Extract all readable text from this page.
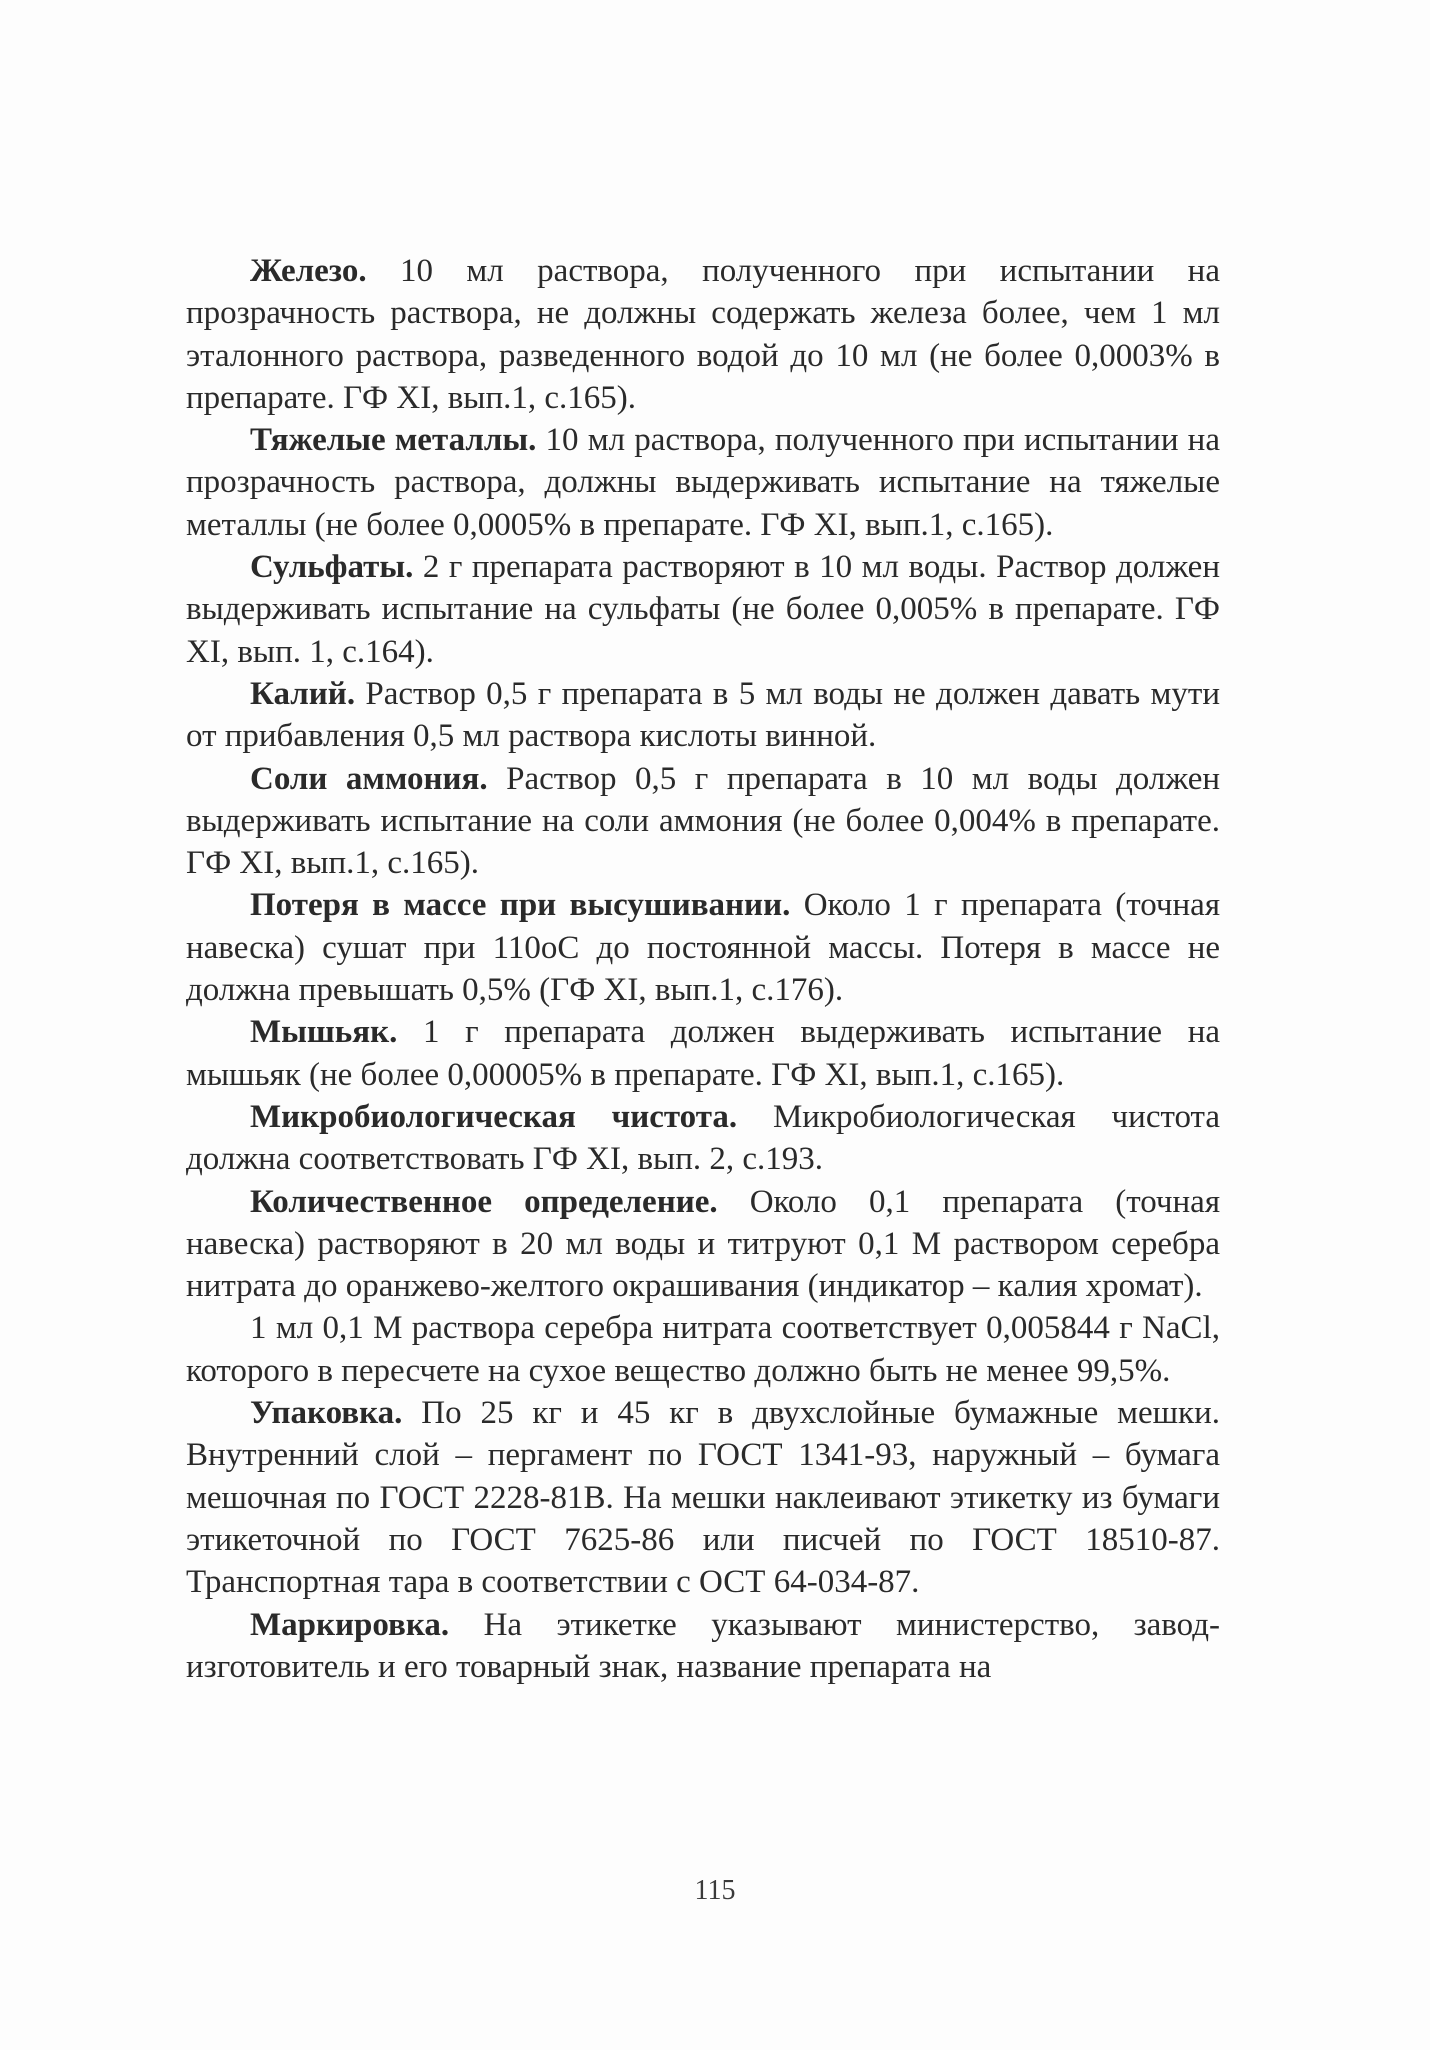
Железо. 10 мл раствора, полученного при испытании на прозрачность раствора, не должны содержать железа более, чем 1 мл эталонного раствора, разведенного водой до 10 мл (не более 0,0003% в препарате. ГФ XI, вып.1, с.165).

Тяжелые металлы. 10 мл раствора, полученного при испытании на прозрачность раствора, должны выдерживать испытание на тяжелые металлы (не более 0,0005% в препарате. ГФ XI, вып.1, с.165).

Сульфаты. 2 г препарата растворяют в 10 мл воды. Раствор должен выдерживать испытание на сульфаты (не более 0,005% в препарате. ГФ XI, вып. 1, с.164).

Калий. Раствор 0,5 г препарата в 5 мл воды не должен давать мути от прибавления 0,5 мл раствора кислоты винной.

Соли аммония. Раствор 0,5 г препарата в 10 мл воды должен выдерживать испытание на соли аммония (не более 0,004% в препарате. ГФ XI, вып.1, с.165).

Потеря в массе при высушивании. Около 1 г препарата (точная навеска) сушат при 110оС до постоянной массы. Потеря в массе не должна превышать 0,5% (ГФ XI, вып.1, с.176).

Мышьяк. 1 г препарата должен выдерживать испытание на мышьяк (не более 0,00005% в препарате. ГФ XI, вып.1, с.165).

Микробиологическая чистота. Микробиологическая чистота должна соответствовать ГФ XI, вып. 2, с.193.

Количественное определение. Около 0,1 препарата (точная навеска) растворяют в 20 мл воды и титруют 0,1 М раствором серебра нитрата до оранжево-желтого окрашивания (индикатор – калия хромат).

1 мл 0,1 М раствора серебра нитрата соответствует 0,005844 г NaCl, которого в пересчете на сухое вещество должно быть не менее 99,5%.

Упаковка. По 25 кг и 45 кг в двухслойные бумажные мешки. Внутренний слой – пергамент по ГОСТ 1341-93, наружный – бумага мешочная по ГОСТ 2228-81В. На мешки наклеивают этикетку из бумаги этикеточной по ГОСТ 7625-86 или писчей по ГОСТ 18510-87. Транспортная тара в соответствии с ОСТ 64-034-87.

Маркировка. На этикетке указывают министерство, завод-изготовитель и его товарный знак, название препарата на

115
